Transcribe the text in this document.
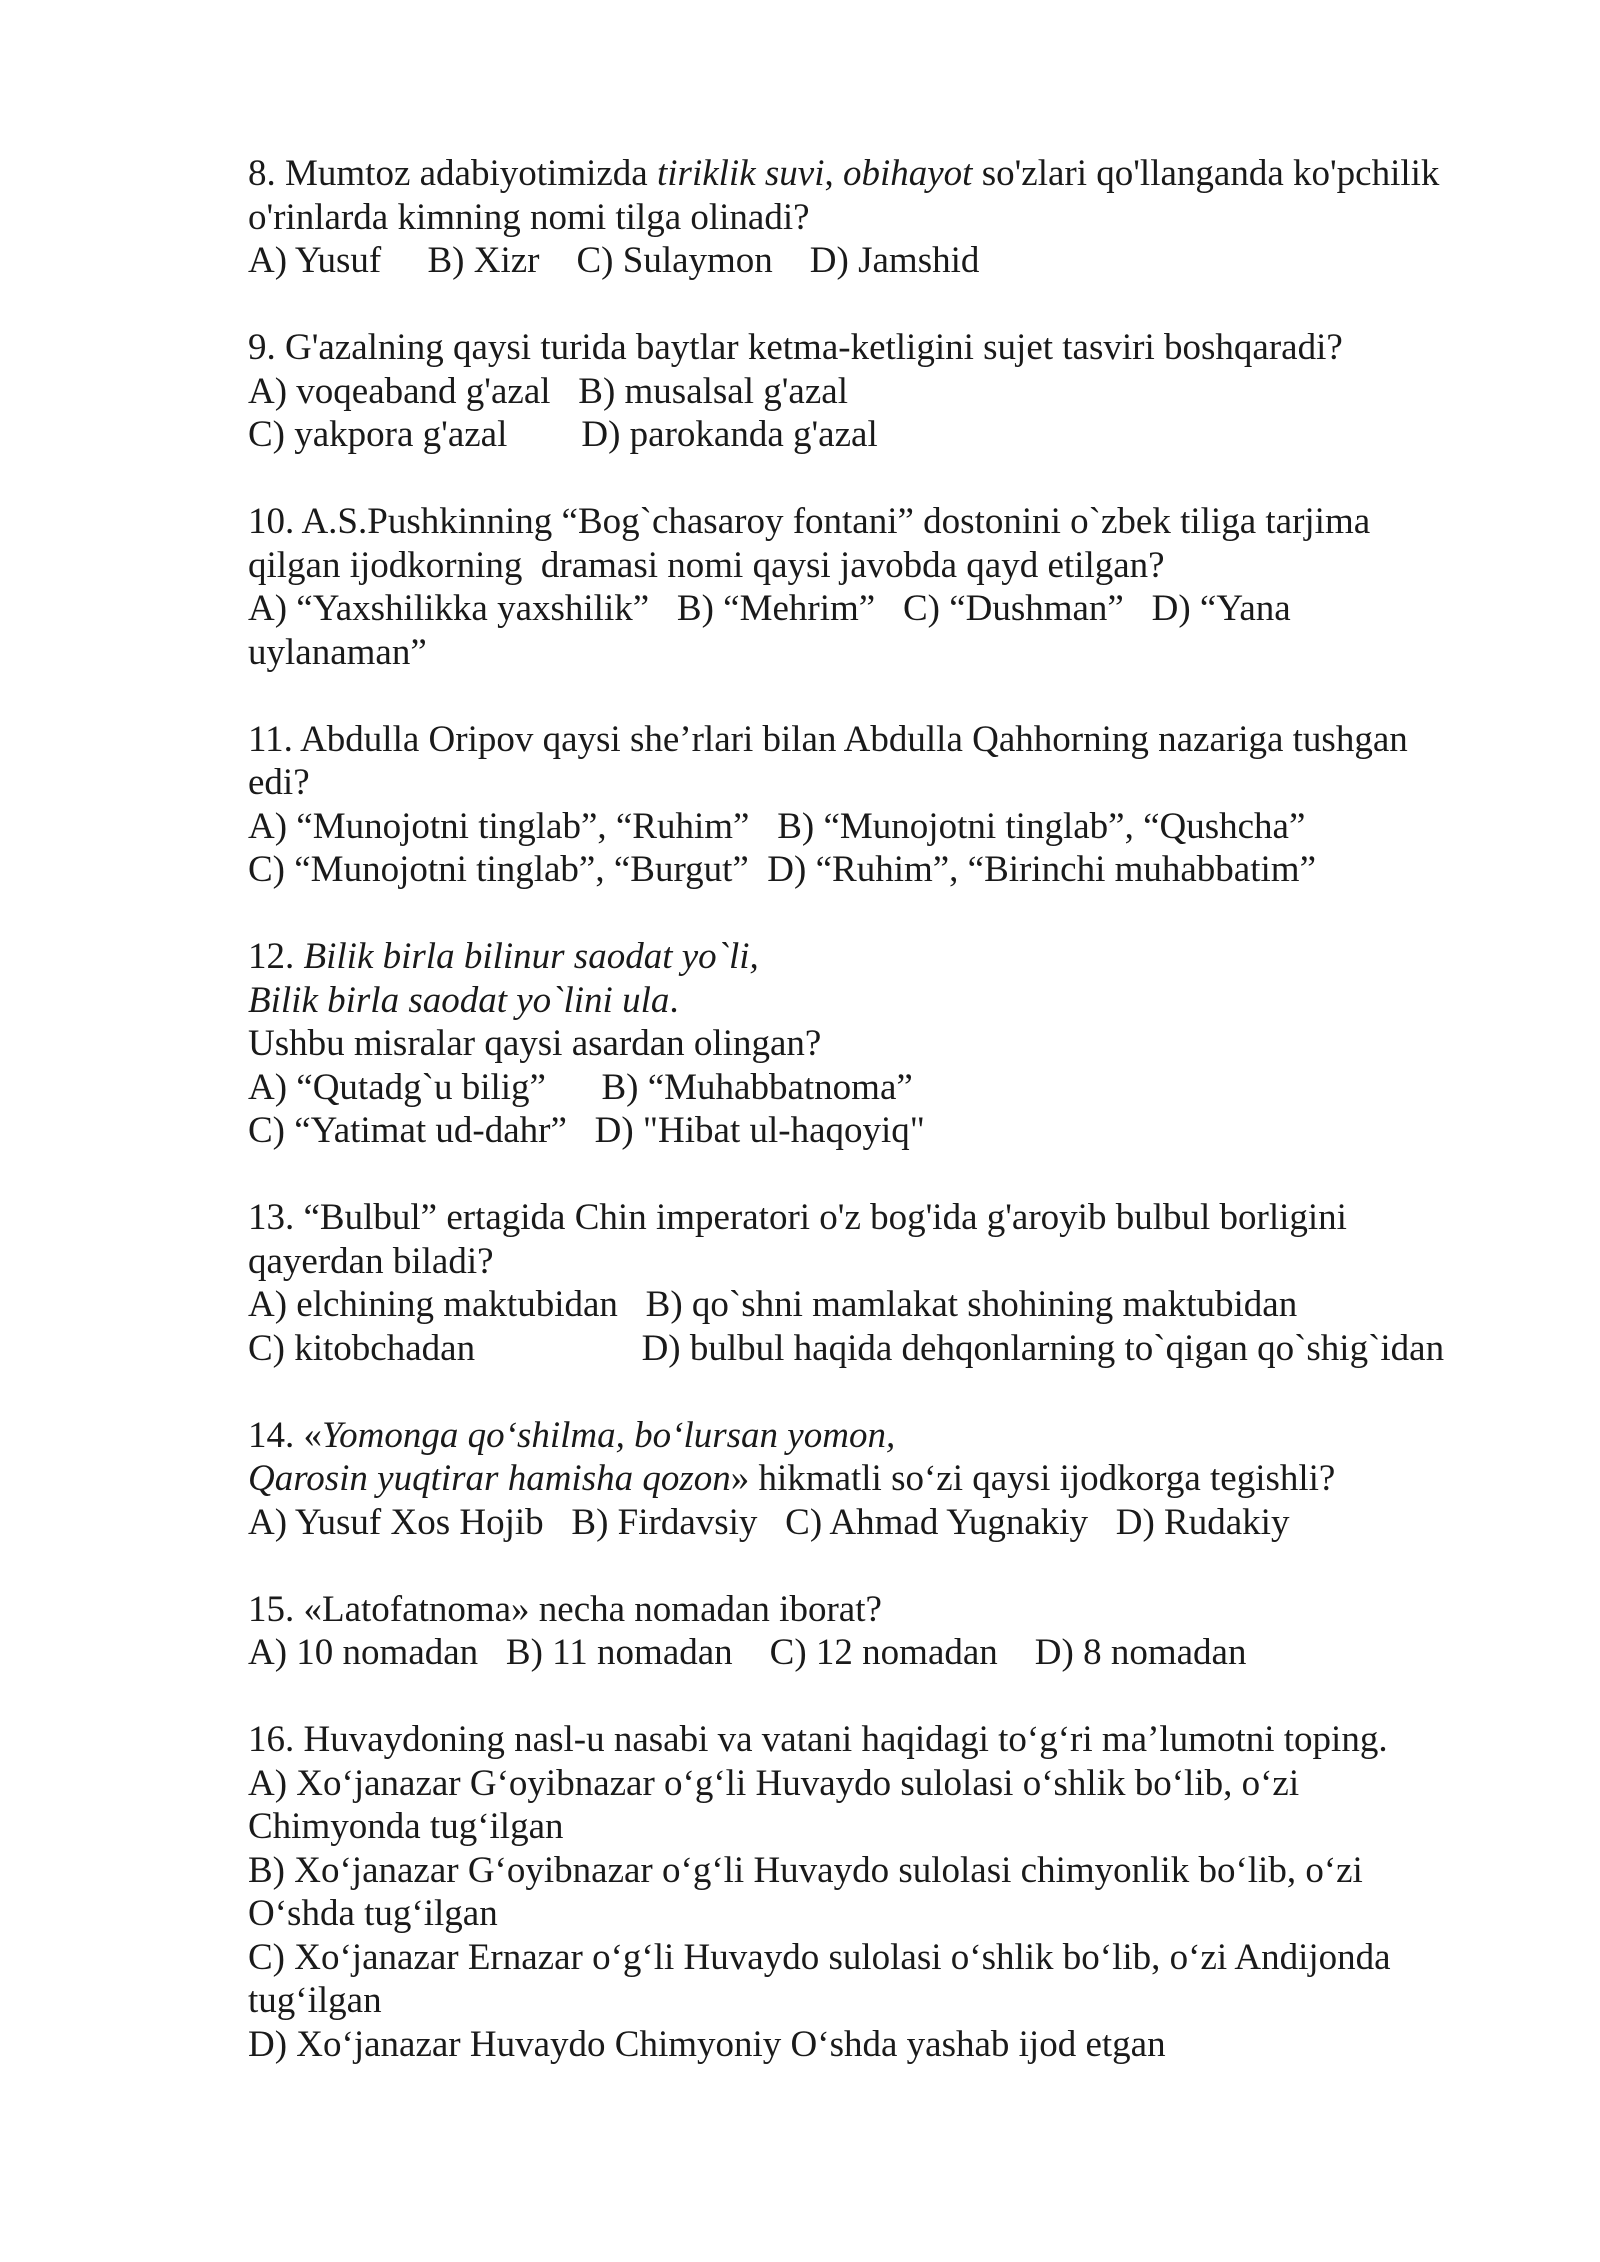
8. Mumtoz adabiyotimizda tiriklik suvi, obihayot so'zlari qo'llanganda ko'pchilik
o'rinlarda kimning nomi tilga olinadi?
A) Yusuf     B) Xizr    C) Sulaymon    D) Jamshid
9. G'azalning qaysi turida baytlar ketma-ketligini sujet tasviri boshqaradi?
A) voqeaband g'azal   B) musalsal g'azal
C) yakpora g'azal        D) parokanda g'azal
10. A.S.Pushkinning “Bog`chasaroy fontani” dostonini o`zbek tiliga tarjima
qilgan ijodkorning  dramasi nomi qaysi javobda qayd etilgan?
A) “Yaxshilikka yaxshilik”   B) “Mehrim”   C) “Dushman”   D) “Yana
uylanaman”
11. Abdulla Oripov qaysi she’rlari bilan Abdulla Qahhorning nazariga tushgan
edi?
A) “Munojotni tinglab”, “Ruhim”   B) “Munojotni tinglab”, “Qushcha”
C) “Munojotni tinglab”, “Burgut”  D) “Ruhim”, “Birinchi muhabbatim”
12. Bilik birla bilinur saodat yo`li,
Bilik birla saodat yo`lini ula.
Ushbu misralar qaysi asardan olingan?
A) “Qutadg`u bilig”      B) “Muhabbatnoma”
C) “Yatimat ud-dahr”   D) "Hibat ul-haqoyiq"
13. “Bulbul” ertagida Chin imperatori o'z bog'ida g'aroyib bulbul borligini
qayerdan biladi?
A) elchining maktubidan   B) qo`shni mamlakat shohining maktubidan
C) kitobchadan                  D) bulbul haqida dehqonlarning to`qigan qo`shig`idan
14. «Yomonga qo‘shilma, bo‘lursan yomon,
Qarosin yuqtirar hamisha qozon» hikmatli so‘zi qaysi ijodkorga tegishli?
A) Yusuf Xos Hojib   B) Firdavsiy   C) Ahmad Yugnakiy   D) Rudakiy
15. «Latofatnoma» necha nomadan iborat?
A) 10 nomadan   B) 11 nomadan    C) 12 nomadan    D) 8 nomadan
16. Huvaydoning nasl-u nasabi va vatani haqidagi to‘g‘ri ma’lumotni toping.
A) Xo‘janazar G‘oyibnazar o‘g‘li Huvaydo sulolasi o‘shlik bo‘lib, o‘zi
Chimyonda tug‘ilgan
B) Xo‘janazar G‘oyibnazar o‘g‘li Huvaydo sulolasi chimyonlik bo‘lib, o‘zi
O‘shda tug‘ilgan
C) Xo‘janazar Ernazar o‘g‘li Huvaydo sulolasi o‘shlik bo‘lib, o‘zi Andijonda
tug‘ilgan
D) Xo‘janazar Huvaydo Chimyoniy O‘shda yashab ijod etgan
